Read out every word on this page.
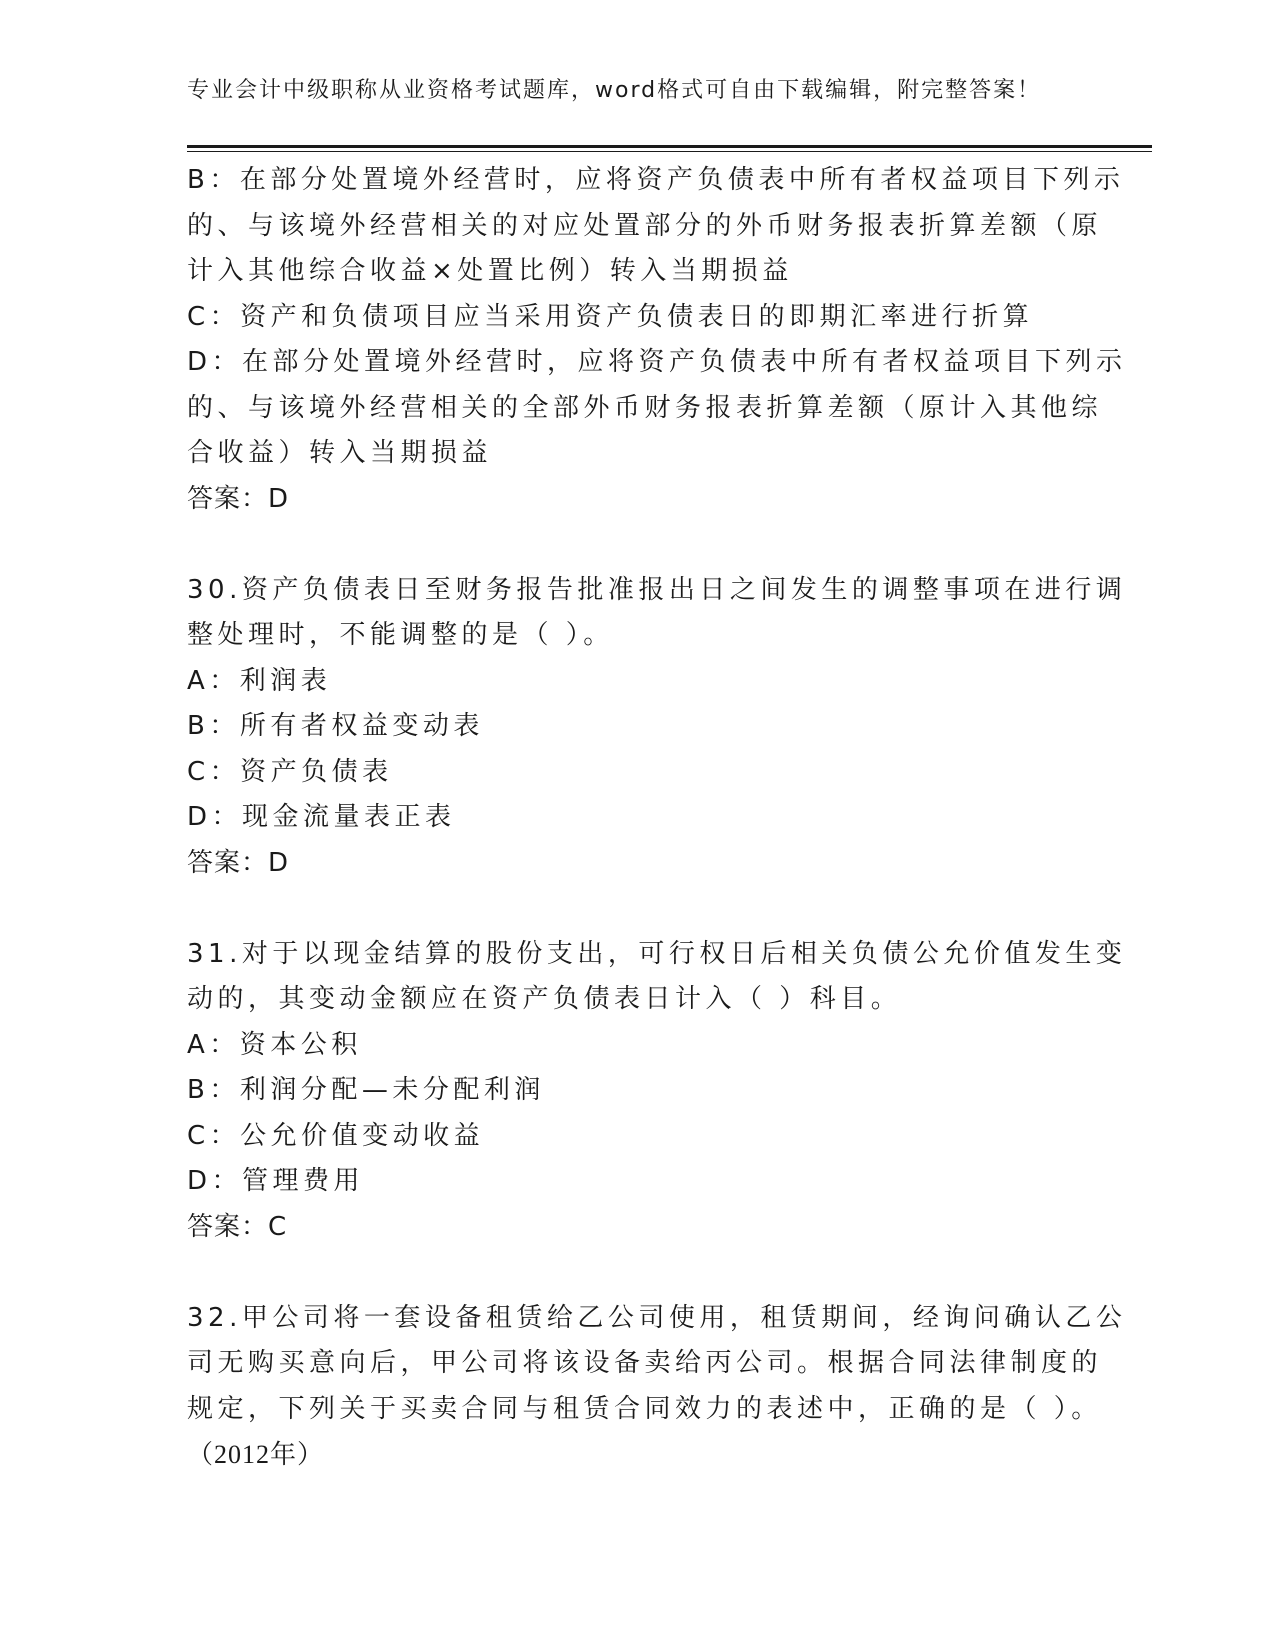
专业会计中级职称从业资格考试题库，word格式可自由下载编辑，附完整答案！
B：在部分处置境外经营时，应将资产负债表中所有者权益项目下列示
的、与该境外经营相关的对应处置部分的外币财务报表折算差额（原
计入其他综合收益×处置比例）转入当期损益
C：资产和负债项目应当采用资产负债表日的即期汇率进行折算
D：在部分处置境外经营时，应将资产负债表中所有者权益项目下列示
的、与该境外经营相关的全部外币财务报表折算差额（原计入其他综
合收益）转入当期损益
答案：D
30.资产负债表日至财务报告批准报出日之间发生的调整事项在进行调
整处理时，不能调整的是（ ）。
A：利润表
B：所有者权益变动表
C：资产负债表
D：现金流量表正表
答案：D
31.对于以现金结算的股份支出，可行权日后相关负债公允价值发生变
动的，其变动金额应在资产负债表日计入（ ）科目。
A：资本公积
B：利润分配—未分配利润
C：公允价值变动收益
D：管理费用
答案：C
32.甲公司将一套设备租赁给乙公司使用，租赁期间，经询问确认乙公
司无购买意向后，甲公司将该设备卖给丙公司。根据合同法律制度的
规定，下列关于买卖合同与租赁合同效力的表述中，正确的是（ ）。
（2012年）
